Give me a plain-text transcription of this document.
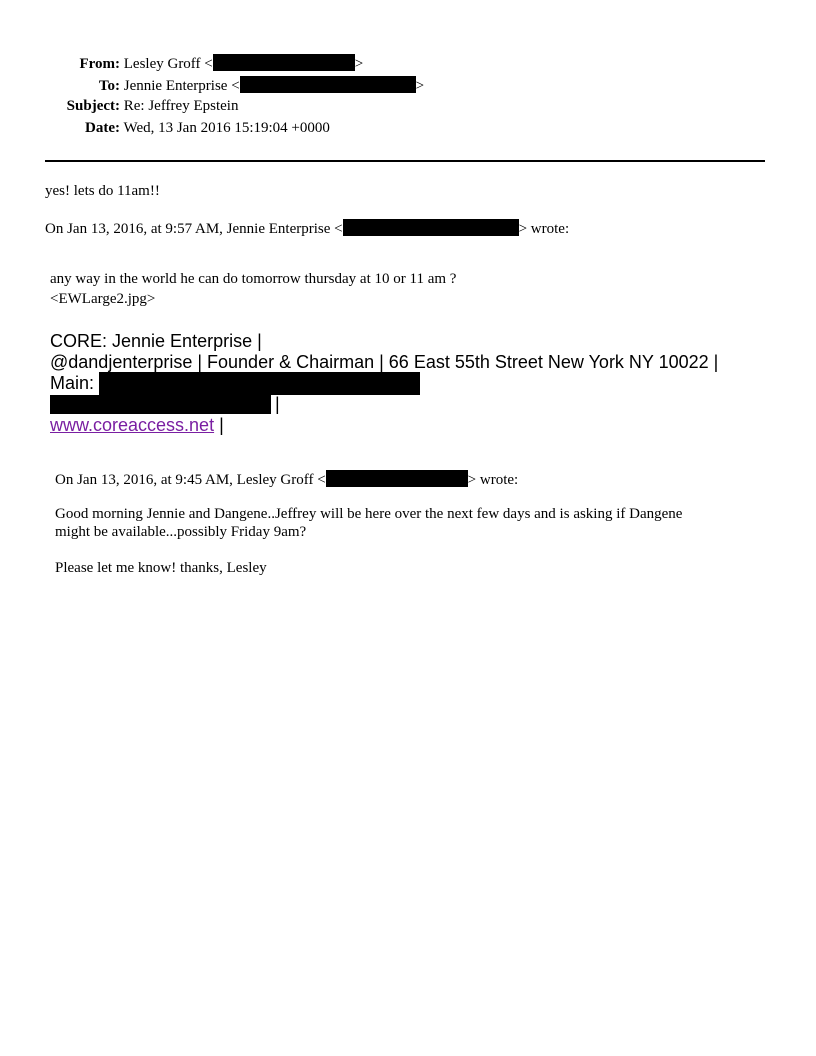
From: Lesley Groff <	>
To: Jennie Enterprise <	>
Subject: Re: Jeffrey Epstein
Date: Wed, 13 Jan 2016 15:19:04 +0000
yes! lets do 11am!!
On Jan 13, 2016, at 9:57 AM, Jennie Enterprise <	> wrote:
any way in the world he can do tomorrow thursday at 10 or 11 am ?
<EWLarge2.jpg>
CORE: Jennie Enterprise |
@dandjenterprise | Founder & Chairman | 66 East 55th Street New York NY 10022 |
Main:
|
www.coreaccess.net |
On Jan 13, 2016, at 9:45 AM, Lesley Groff <	> wrote:
Good morning Jennie and Dangene..Jeffrey will be here over the next few days and is asking if Dangene
might be available...possibly Friday 9am?
Please let me know! thanks, Lesley
